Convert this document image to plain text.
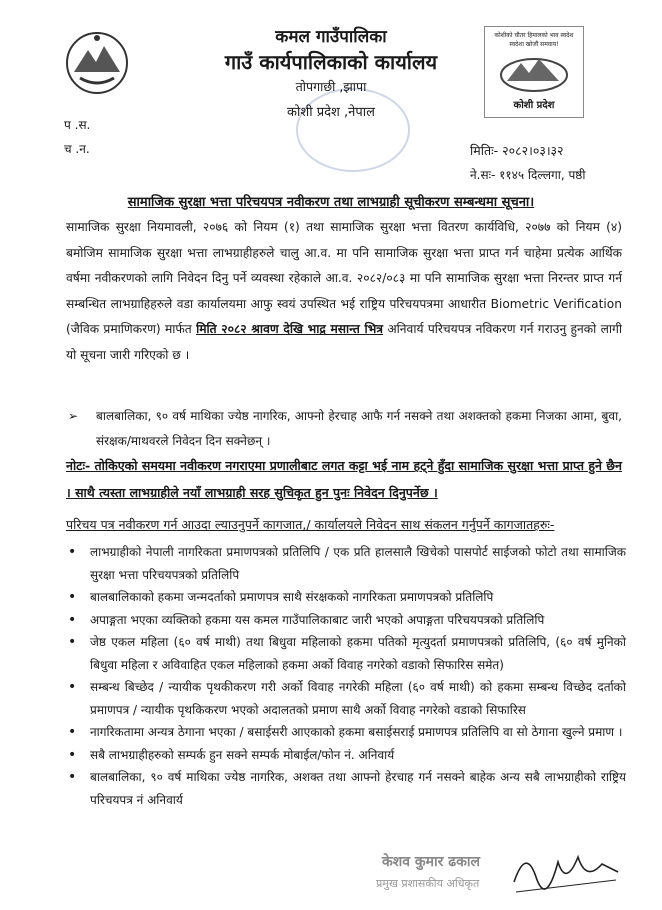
कोशीको चौतर हिमालको भाव स्वदेश स्वदेशा खोजौं समवाय!
कोशी प्रदेश
कमल गाउँपालिका
गाउँ कार्यपालिकाको कार्यालय
तोपगाछी ,झापा
कोशी प्रदेश ,नेपाल
प .स.
च .न.	मितिः- २०८२।०३।३२
ने.सः- ११४५ दिल्लगा, पष्ठी
सामाजिक सुरक्षा भत्ता परिचयपत्र नवीकरण तथा लाभग्राही सूचीकरण सम्बन्धमा सूचना।
सामाजिक सुरक्षा नियमावली, २०७६ को नियम (१) तथा सामाजिक सुरक्षा भत्ता वितरण कार्यविधि, २०७७ को नियम (४) बमोजिम सामाजिक सुरक्षा भत्ता लाभग्राहीहरुले चालु आ.व. मा पनि सामाजिक सुरक्षा भत्ता प्राप्त गर्न चाहेमा प्रत्येक आर्थिक वर्षमा नवीकरणको लागि निवेदन दिनु पर्ने व्यवस्था रहेकाले आ.व. २०८२/०८३ मा पनि सामाजिक सुरक्षा भत्ता निरन्तर प्राप्त गर्न सम्बन्धित लाभग्राहिहरुले वडा कार्यालयमा आफु स्वयं उपस्थित भई राष्ट्रिय परिचयपत्रमा आधारीत Biometric Verification (जैविक प्रमाणिकरण) मार्फत मिति २०८२ श्रावण देखि भाद्र मसान्त भित्र अनिवार्य परिचयपत्र नविकरण गर्न गराउनु हुनको लागी यो सूचना जारी गरिएको छ ।
➢	बालबालिका, ९० वर्ष माथिका ज्येष्ठ नागरिक, आफ्नो हेरचाह आफै गर्न नसक्ने तथा अशक्तको हकमा निजका आमा, बुवा, संरक्षक/माथवरले निवेदन दिन सक्नेछन् ।
नोटः- तोकिएको समयमा नवीकरण नगराएमा प्रणालीबाट लगत कट्टा भई नाम हट्ने हुँदा सामाजिक सुरक्षा भत्ता प्राप्त हुने छैन । साथै त्यस्ता लाभग्राहीले नयाँ लाभग्राही सरह सुचिकृत हुन पुनः निवेदन दिनुपर्नेछ ।
परिचय पत्र नवीकरण गर्न आउदा ल्याउनुपर्ने कागजात,/ कार्यालयले निवेदन साथ संकलन गर्नुपर्ने कागजातहरुः-
• लाभग्राहीको नेपाली नागरिकता प्रमाणपत्रको प्रतिलिपि / एक प्रति हालसालै खिचेको पासपोर्ट साईजको फोटो तथा सामाजिक सुरक्षा भत्ता परिचयपत्रको प्रतिलिपि
• बालबालिकाको हकमा जन्मदर्ताको प्रमाणपत्र साथै संरक्षकको नागरिकता प्रमाणपत्रको प्रतिलिपि
• अपाङ्गता भएका व्यक्तिको हकमा यस कमल गाउँपालिकाबाट जारी भएको अपाङ्गता परिचयपत्रको प्रतिलिपि
• जेष्ठ एकल महिला (६० वर्ष माथी) तथा बिधुवा महिलाको हकमा पतिको मृत्युदर्ता प्रमाणपत्रको प्रतिलिपि, (६० वर्ष मुनिको बिधुवा महिला र अविवाहित एकल महिलाको हकमा अर्को विवाह नगरेको वडाको सिफारिस समेत)
• सम्बन्ध बिच्छेद / न्यायीक पृथकीकरण गरी अर्को विवाह नगरेकी महिला (६० वर्ष माथी) को हकमा सम्बन्ध विच्छेद दर्ताको प्रमाणपत्र / न्यायीक पृथकिकरण भएको अदालतको प्रमाण साथै अर्को विवाह नगरेको वडाको सिफारिस
• नागरिकतामा अन्यत्र ठेगाना भएका / बसाईसरी आएकाको हकमा बसाईसराई प्रमाणपत्र प्रतिलिपि वा सो ठेगाना खुल्ने प्रमाण ।
• सबै लाभग्राहीहरुको सम्पर्क हुन सक्ने सम्पर्क मोबाईल/फोन नं. अनिवार्य
• बालबालिका, ९० वर्ष माथिका ज्येष्ठ नागरिक, अशक्त तथा आफ्नो हेरचाह गर्न नसक्ने बाहेक अन्य सबै लाभग्राहीको राष्ट्रिय परिचयपत्र नं अनिवार्य
केशव कुमार ढकाल
प्रमुख प्रशासकीय अधिकृत
